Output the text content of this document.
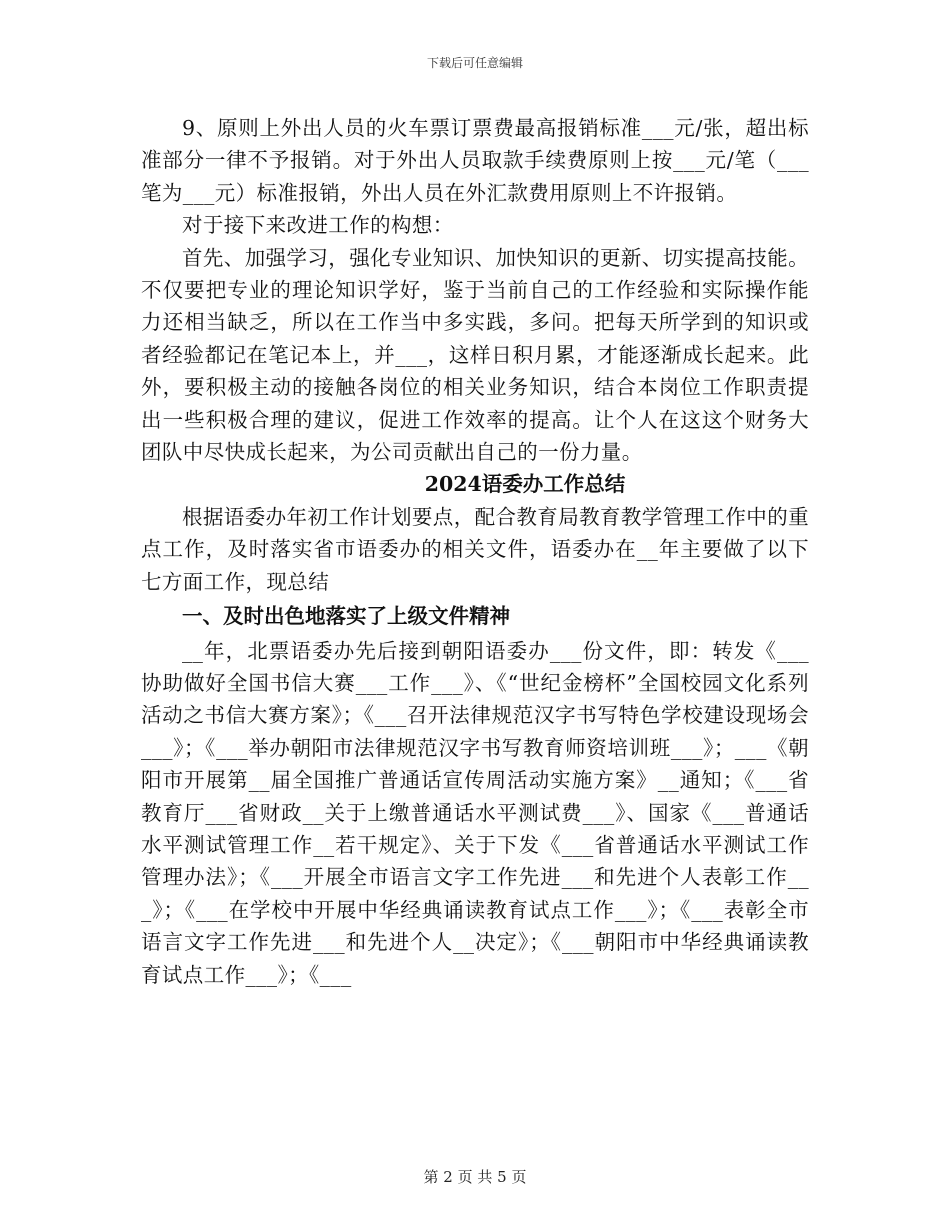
下载后可任意编辑

9、原则上外出人员的火车票订票费最高报销标准___元/张，超出标准部分一律不予报销。对于外出人员取款手续费原则上按___元/笔（___笔为___元）标准报销，外出人员在外汇款费用原则上不许报销。

对于接下来改进工作的构想：

首先、加强学习，强化专业知识、加快知识的更新、切实提高技能。不仅要把专业的理论知识学好，鉴于当前自己的工作经验和实际操作能力还相当缺乏，所以在工作当中多实践，多问。把每天所学到的知识或者经验都记在笔记本上，并___，这样日积月累，才能逐渐成长起来。此外，要积极主动的接触各岗位的相关业务知识，结合本岗位工作职责提出一些积极合理的建议，促进工作效率的提高。让个人在这这个财务大团队中尽快成长起来，为公司贡献出自己的一份力量。

2024语委办工作总结

根据语委办年初工作计划要点，配合教育局教育教学管理工作中的重点工作，及时落实省市语委办的相关文件，语委办在__年主要做了以下七方面工作，现总结

一、及时出色地落实了上级文件精神

__年，北票语委办先后接到朝阳语委办___份文件，即：转发《___协助做好全国书信大赛___工作___》、《“世纪金榜杯”全国校园文化系列活动之书信大赛方案》；《___召开法律规范汉字书写特色学校建设现场会___》；《___举办朝阳市法律规范汉字书写教育师资培训班___》；___《朝阳市开展第__届全国推广普通话宣传周活动实施方案》__通知；《___省教育厅___省财政__关于上缴普通话水平测试费___》、国家《___普通话水平测试管理工作__若干规定》、关于下发《___省普通话水平测试工作管理办法》；《___开展全市语言文字工作先进___和先进个人表彰工作___》；《___在学校中开展中华经典诵读教育试点工作___》；《___表彰全市语言文字工作先进___和先进个人__决定》；《___朝阳市中华经典诵读教育试点工作___》；《___

第 2 页 共 5 页
